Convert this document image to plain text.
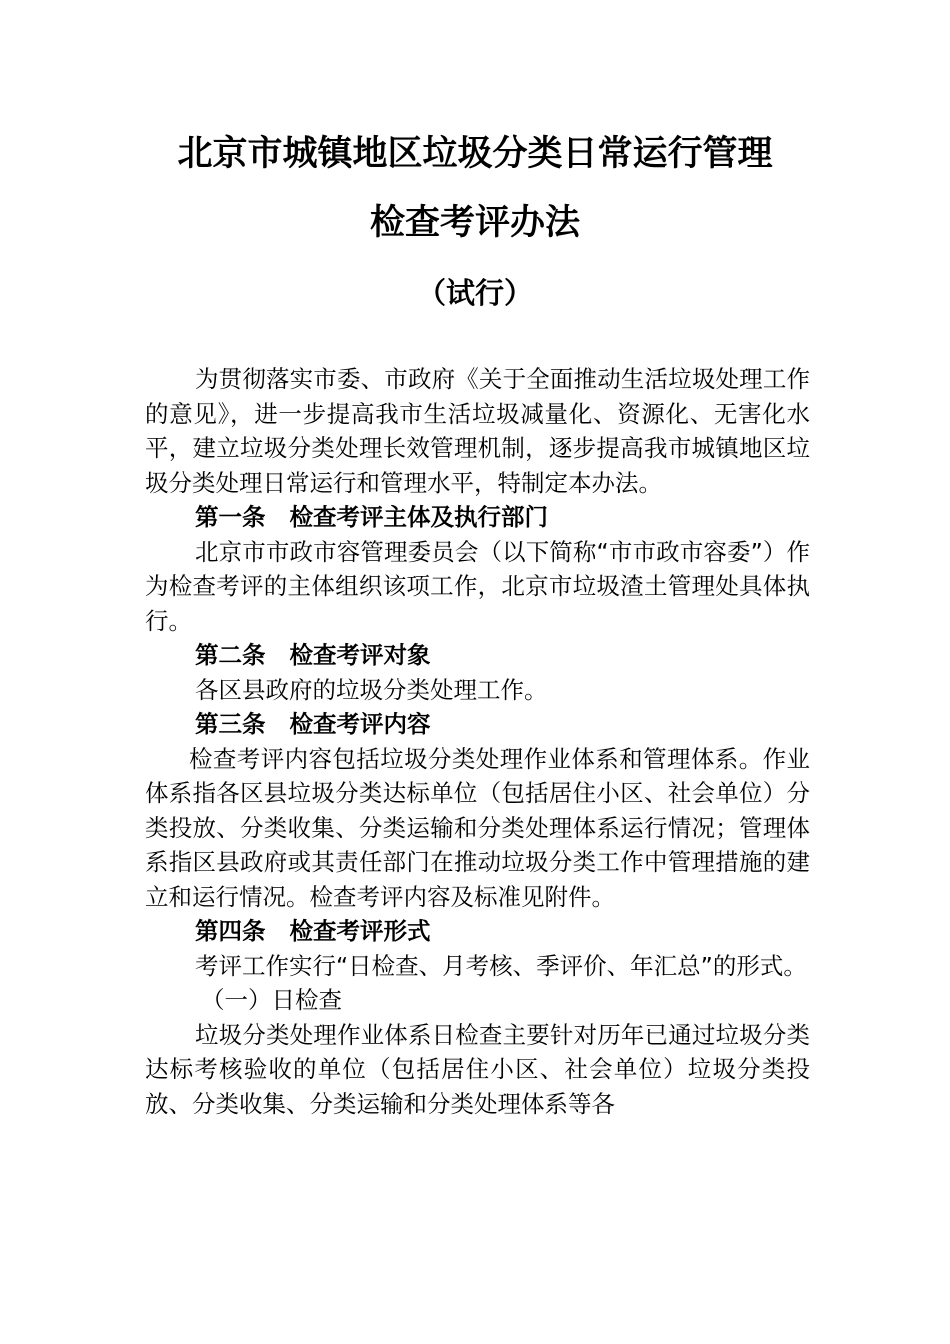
北京市城镇地区垃圾分类日常运行管理
检查考评办法
（试行）

为贯彻落实市委、市政府《关于全面推动生活垃圾处理工作的意见》，进一步提高我市生活垃圾减量化、资源化、无害化水平，建立垃圾分类处理长效管理机制，逐步提高我市城镇地区垃圾分类处理日常运行和管理水平，特制定本办法。

第一条 检查考评主体及执行部门

北京市市政市容管理委员会（以下简称“市市政市容委”）作为检查考评的主体组织该项工作，北京市垃圾渣土管理处具体执行。

第二条 检查考评对象

各区县政府的垃圾分类处理工作。

第三条 检查考评内容

检查考评内容包括垃圾分类处理作业体系和管理体系。作业体系指各区县垃圾分类达标单位（包括居住小区、社会单位）分类投放、分类收集、分类运输和分类处理体系运行情况；管理体系指区县政府或其责任部门在推动垃圾分类工作中管理措施的建立和运行情况。检查考评内容及标准见附件。

第四条 检查考评形式

考评工作实行“日检查、月考核、季评价、年汇总”的形式。

（一）日检查

垃圾分类处理作业体系日检查主要针对历年已通过垃圾分类达标考核验收的单位（包括居住小区、社会单位）垃圾分类投放、分类收集、分类运输和分类处理体系等各
